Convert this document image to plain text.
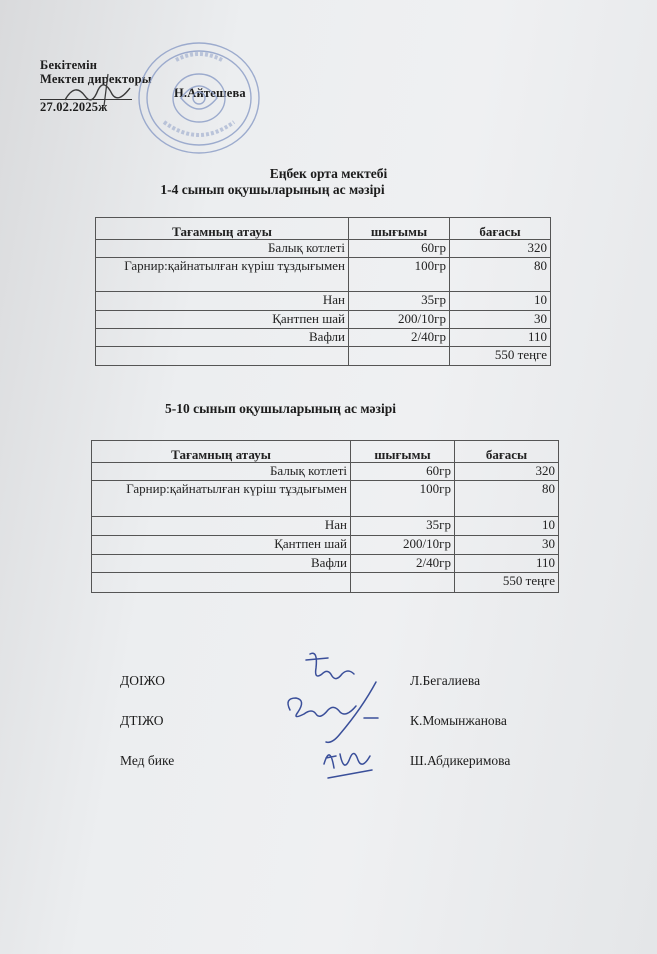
Бекітемін
Мектеп директоры
Н.Айтешева
27.02.2025ж
Еңбек орта мектебі
1-4 сынып оқушыларының ас мәзірі
Тағамның атауы	шығымы	бағасы
Балық котлеті	60гр	320
Гарнир:қайнатылған күріш тұздығымен	100гр	80
Нан	35гр	10
Қантпен шай	200/10гр	30
Вафли	2/40гр	110
		550 теңге
5-10 сынып оқушыларының ас мәзірі
Тағамның атауы	шығымы	бағасы
Балық котлеті	60гр	320
Гарнир:қайнатылған күріш тұздығымен	100гр	80
Нан	35гр	10
Қантпен шай	200/10гр	30
Вафли	2/40гр	110
		550 теңге
ДОІЖО	Л.Бегалиева
ДТІЖО	К.Момынжанова
Мед бике	Ш.Абдикеримова
